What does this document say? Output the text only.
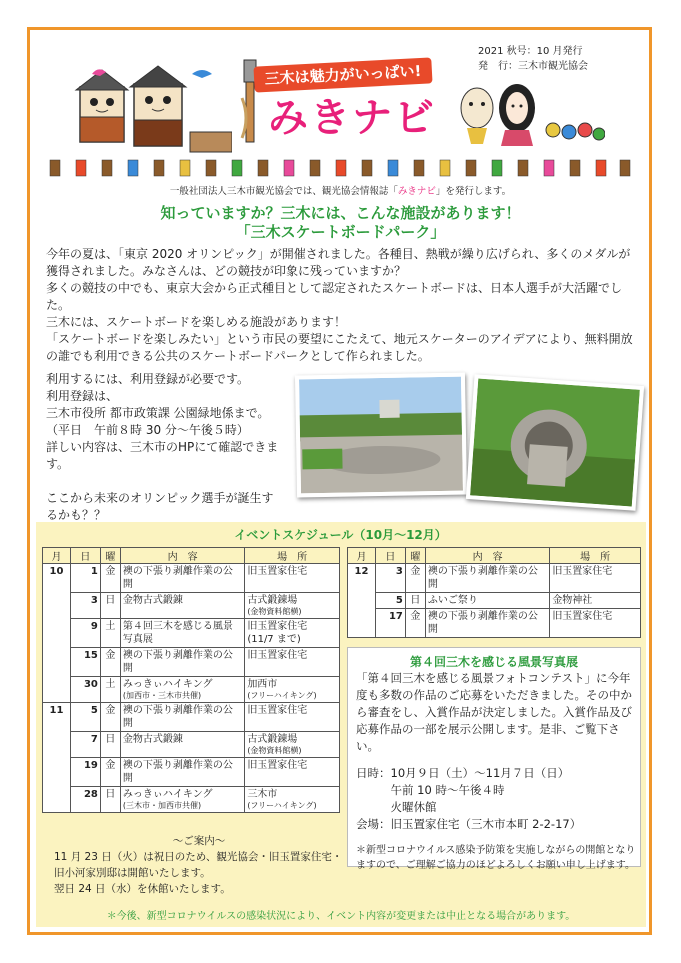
2021 秋号：10 月発行
発　行：三木市観光協会
三木は魅力がいっぱい!
みきナビ
一般社団法人三木市観光協会では、観光協会情報誌「みきナビ」を発行します。
知っていますか？三木には、こんな施設があります！
「三木スケートボードパーク」

今年の夏は、「東京 2020 オリンピック」が開催されました。各種目、熱戦が繰り広げられ、多くのメダルが獲得されました。みなさんは、どの競技が印象に残っていますか？

多くの競技の中でも、東京大会から正式種目として認定されたスケートボードは、日本人選手が大活躍でした。

三木には、スケートボードを楽しめる施設があります！

「スケートボードを楽しみたい」という市民の要望にこたえて、地元スケーターのアイデアにより、無料開放の誰でも利用できる公共のスケートボードパークとして作られました。

利用するには、利用登録が必要です。

利用登録は、

三木市役所 都市政策課 公園緑地係まで。

（平日　午前８時 30 分～午後５時）

詳しい内容は、三木市のHPにて確認できます。

ここから未来のオリンピック選手が誕生するかも？？

イベントスケジュール（10月～12月）
月	日	曜	内　容	場　所
10	1	金	襖の下張り剥離作業の公開	旧玉置家住宅
	3	日	金物古式鍛錬	古式鍛錬場
(金物資料館横)

	9	土	第４回三木を感じる風景写真展	旧玉置家住宅
(11/7 まで)

	15	金	襖の下張り剥離作業の公開	旧玉置家住宅
	30	土	みっきぃハイキング
(加西市・三木市共催)	加西市
(フリーハイキング)

11	5	金	襖の下張り剥離作業の公開	旧玉置家住宅
	7	日	金物古式鍛錬	古式鍛錬場
(金物資料館横)

	19	金	襖の下張り剥離作業の公開	旧玉置家住宅
	28	日	みっきぃハイキング
(三木市・加西市共催)	三木市
(フリーハイキング)
月	日	曜	内　容	場　所
12	3	金	襖の下張り剥離作業の公開	旧玉置家住宅
	5	日	ふいご祭り	金物神社
	17	金	襖の下張り剥離作業の公開	旧玉置家住宅
第４回三木を感じる風景写真展

「第４回三木を感じる風景フォトコンテスト」に今年度も多数の作品のご応募をいただきました。その中から審査をし、入賞作品が決定しました。入賞作品及び応募作品の一部を展示公開します。是非、ご覧下さい。

日時：10月９日（土）～11月７日（日）

　　　午前 10 時～午後４時

　　　火曜休館

会場：旧玉置家住宅（三木市本町 2-2-17）

＊新型コロナウイルス感染予防策を実施しながらの開館となりますので、ご理解ご協力のほどよろしくお願い申し上げます。

～ご案内～
11 月 23 日（火）は祝日のため、観光協会・旧玉置家住宅・旧小河家別邸は開館いたします。
翌日 24 日（水）を休館いたします。
＊今後、新型コロナウイルスの感染状況により、イベント内容が変更または中止となる場合があります。
